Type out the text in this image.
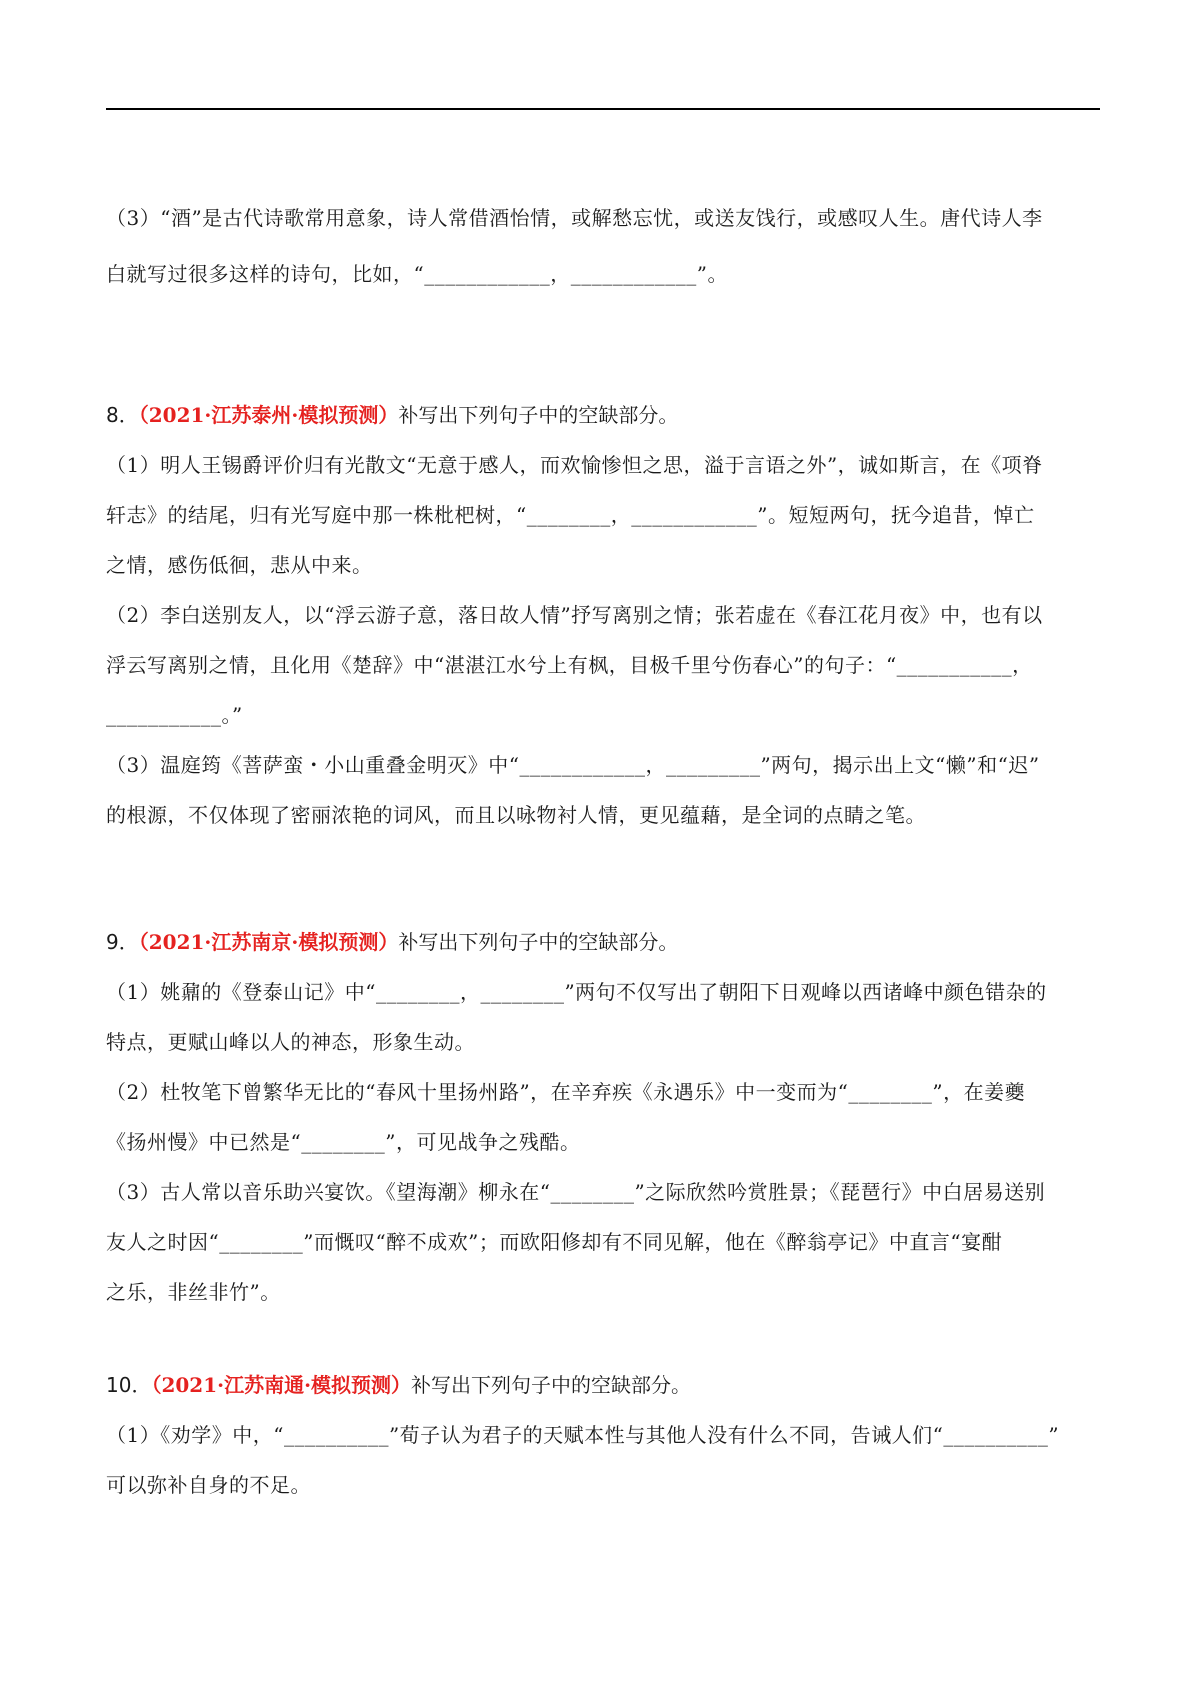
（3）“酒”是古代诗歌常用意象，诗人常借酒怡情，或解愁忘忧，或送友饯行，或感叹人生。唐代诗人李
白就写过很多这样的诗句，比如，“____________，____________”。
8．（2021·江苏泰州·模拟预测）补写出下列句子中的空缺部分。
（1）明人王锡爵评价归有光散文“无意于感人，而欢愉惨怛之思，溢于言语之外”，诚如斯言，在《项脊
轩志》的结尾，归有光写庭中那一株枇杷树，“________，____________”。短短两句，抚今追昔，悼亡
之情，感伤低徊，悲从中来。
（2）李白送别友人，以“浮云游子意，落日故人情”抒写离别之情；张若虚在《春江花月夜》中，也有以
浮云写离别之情，且化用《楚辞》中“湛湛江水兮上有枫，目极千里兮伤春心”的句子：“___________，
___________。”
（3）温庭筠《菩萨蛮・小山重叠金明灭》中“____________，_________”两句，揭示出上文“懒”和“迟”
的根源，不仅体现了密丽浓艳的词风，而且以咏物衬人情，更见蕴藉，是全词的点睛之笔。
9．（2021·江苏南京·模拟预测）补写出下列句子中的空缺部分。
（1）姚鼐的《登泰山记》中“________，________”两句不仅写出了朝阳下日观峰以西诸峰中颜色错杂的
特点，更赋山峰以人的神态，形象生动。
（2）杜牧笔下曾繁华无比的“春风十里扬州路”，在辛弃疾《永遇乐》中一变而为“________”，在姜夔
《扬州慢》中已然是“________”，可见战争之残酷。
（3）古人常以音乐助兴宴饮。《望海潮》柳永在“________”之际欣然吟赏胜景；《琵琶行》中白居易送别
友人之时因“________”而慨叹“醉不成欢”；而欧阳修却有不同见解，他在《醉翁亭记》中直言“宴酣
之乐，非丝非竹”。
10．（2021·江苏南通·模拟预测）补写出下列句子中的空缺部分。
（1）《劝学》中，“__________”荀子认为君子的天赋本性与其他人没有什么不同，告诫人们“__________”
可以弥补自身的不足。
